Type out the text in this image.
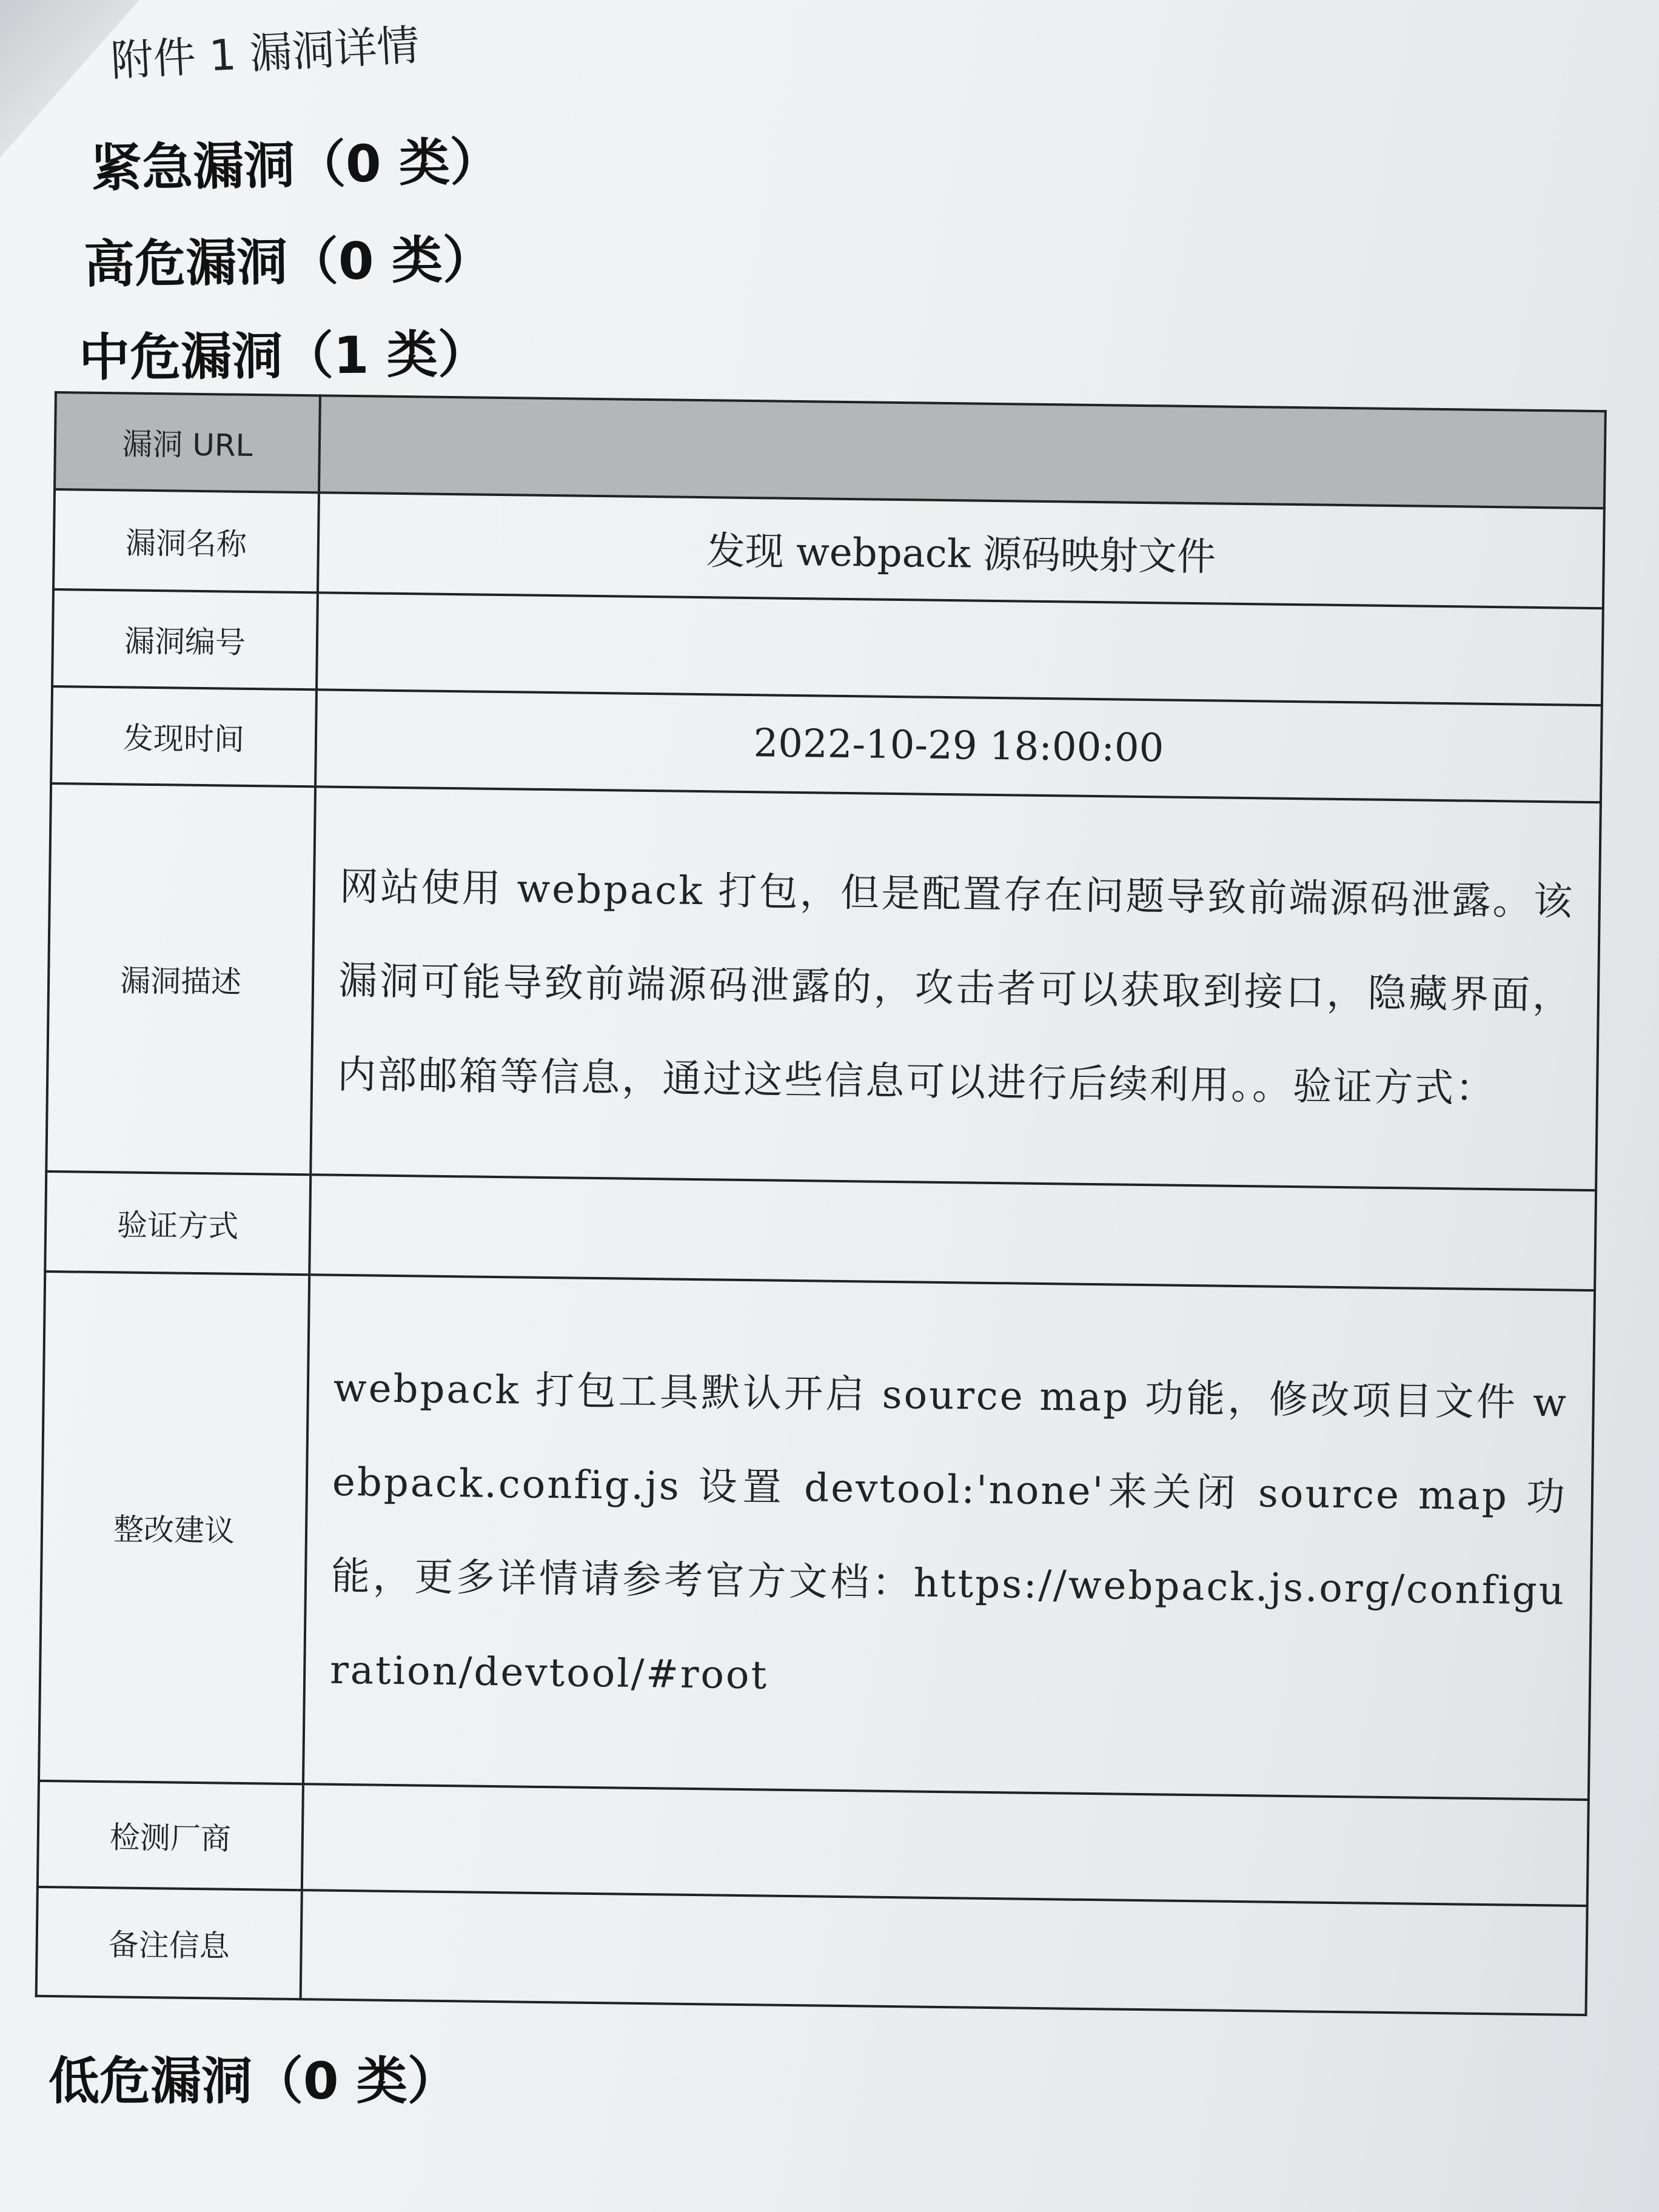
附件 1 漏洞详情
紧急漏洞（0 类）
高危漏洞（0 类）
中危漏洞（1 类）
漏洞 URL	
漏洞名称	发现 webpack 源码映射文件
漏洞编号	
发现时间	2022-10-29 18:00:00
漏洞描述	网站使用 webpack 打包，但是配置存在问题导致前端源码泄露。该漏洞可能导致前端源码泄露的，攻击者可以获取到接口，隐藏界面，内部邮箱等信息，通过这些信息可以进行后续利用。。验证方式：
验证方式	
整改建议	webpack 打包工具默认开启 source map 功能，修改项目文件 webpack.config.js 设置 devtool:'none'来关闭 source map 功能，更多详情请参考官方文档：https://webpack.js.org/configuration/devtool/#root
检测厂商	
备注信息	
低危漏洞（0 类）
